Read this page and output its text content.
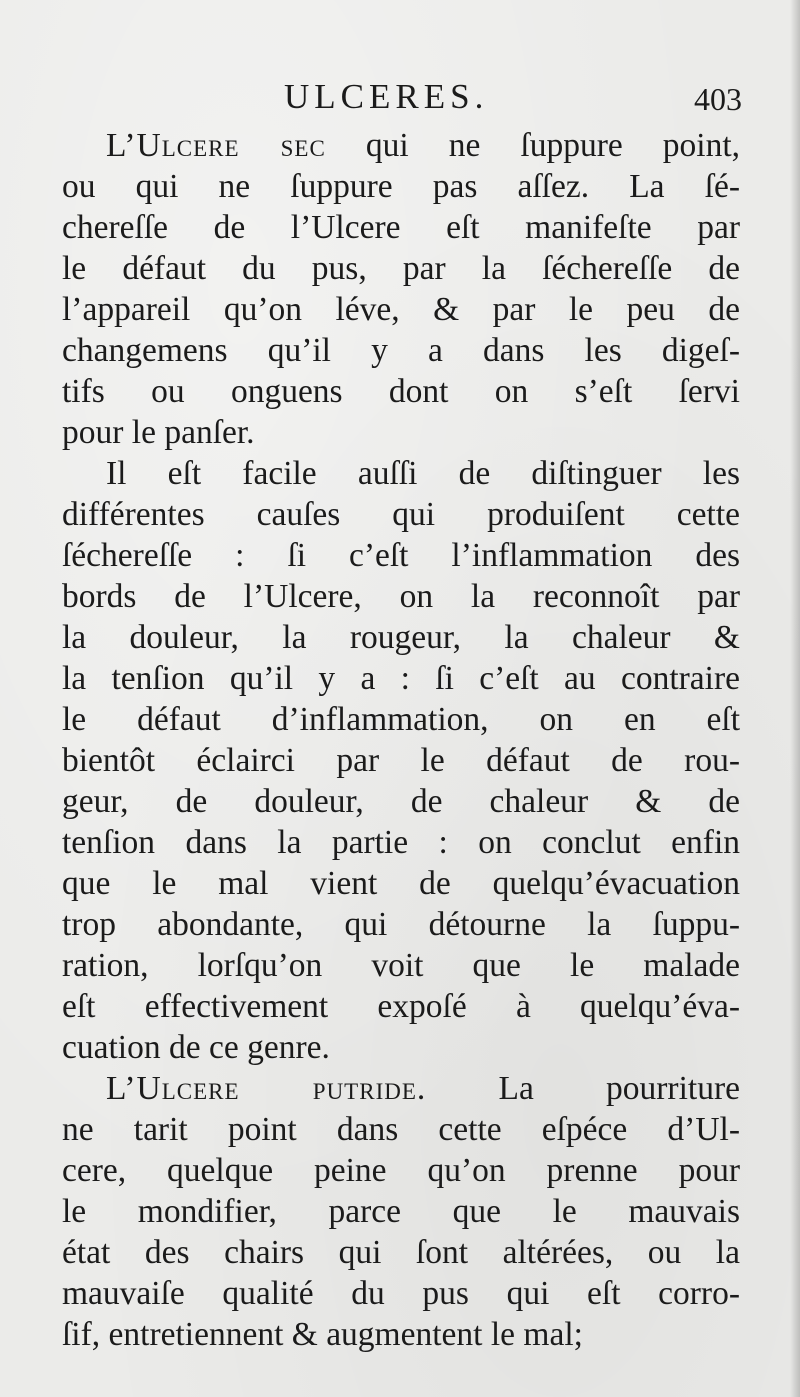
ULCERES.	403
L’Ulcere sec qui ne ſuppure point,
ou qui ne ſuppure pas aſſez. La ſé-
chereſſe de l’Ulcere eſt manifeſte par
le défaut du pus, par la ſéchereſſe de
l’appareil qu’on léve, & par le peu de
changemens qu’il y a dans les digeſ-
tifs ou onguens dont on s’eſt ſervi
pour le panſer.
Il eſt facile auſſi de diſtinguer les
différentes cauſes qui produiſent cette
ſéchereſſe : ſi c’eſt l’inflammation des
bords de l’Ulcere, on la reconnoît par
la douleur, la rougeur, la chaleur &
la tenſion qu’il y a : ſi c’eſt au contraire
le défaut d’inflammation, on en eſt
bientôt éclairci par le défaut de rou-
geur, de douleur, de chaleur & de
tenſion dans la partie : on conclut enfin
que le mal vient de quelqu’évacuation
trop abondante, qui détourne la ſuppu-
ration, lorſqu’on voit que le malade
eſt effectivement expoſé à quelqu’éva-
cuation de ce genre.
L’Ulcere putride. La pourriture
ne tarit point dans cette eſpéce d’Ul-
cere, quelque peine qu’on prenne pour
le mondifier, parce que le mauvais
état des chairs qui ſont altérées, ou la
mauvaiſe qualité du pus qui eſt corro-
ſif, entretiennent & augmentent le mal;
